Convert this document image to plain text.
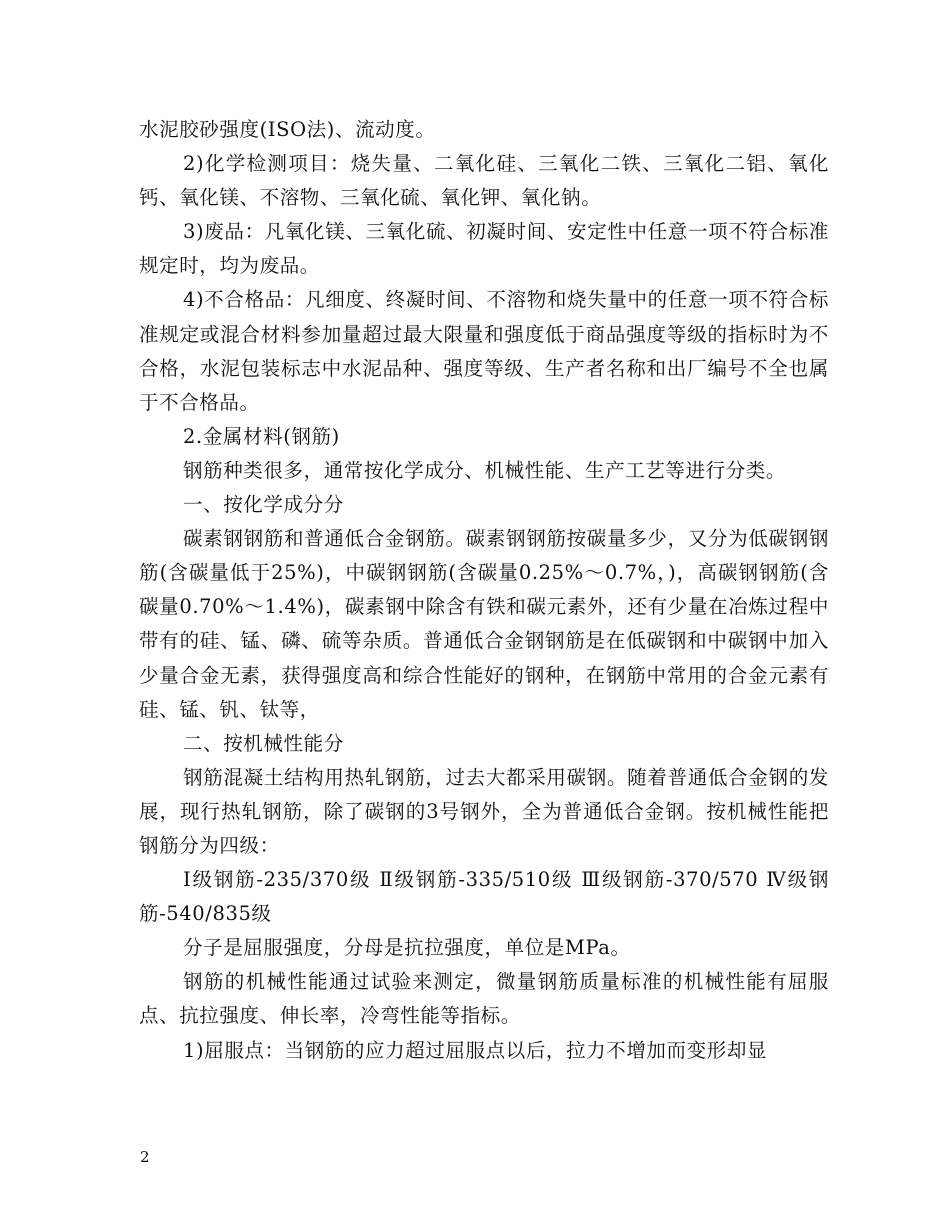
水泥胶砂强度(ISO法)、流动度。

2)化学检测项目：烧失量、二氧化硅、三氧化二铁、三氧化二铝、氧化钙、氧化镁、不溶物、三氧化硫、氧化钾、氧化钠。

3)废品：凡氧化镁、三氧化硫、初凝时间、安定性中任意一项不符合标准规定时，均为废品。

4)不合格品：凡细度、终凝时间、不溶物和烧失量中的任意一项不符合标准规定或混合材料参加量超过最大限量和强度低于商品强度等级的指标时为不合格，水泥包装标志中水泥品种、强度等级、生产者名称和出厂编号不全也属于不合格品。

2.金属材料(钢筋)

钢筋种类很多，通常按化学成分、机械性能、生产工艺等进行分类。

一、按化学成分分

碳素钢钢筋和普通低合金钢筋。碳素钢钢筋按碳量多少，又分为低碳钢钢筋(含碳量低于25%)，中碳钢钢筋(含碳量0.25%～0.7%，)，高碳钢钢筋(含碳量0.70%～1.4%)，碳素钢中除含有铁和碳元素外，还有少量在冶炼过程中带有的硅、锰、磷、硫等杂质。普通低合金钢钢筋是在低碳钢和中碳钢中加入少量合金无素，获得强度高和综合性能好的钢种，在钢筋中常用的合金元素有硅、锰、钒、钛等，

二、按机械性能分

钢筋混凝土结构用热轧钢筋，过去大都采用碳钢。随着普通低合金钢的发展，现行热轧钢筋，除了碳钢的3号钢外，全为普通低合金钢。按机械性能把钢筋分为四级：

Ⅰ级钢筋-235/370级 Ⅱ级钢筋-335/510级 Ⅲ级钢筋-370/570 Ⅳ级钢筋-540/835级

分子是屈服强度，分母是抗拉强度，单位是MPa。

钢筋的机械性能通过试验来测定，微量钢筋质量标准的机械性能有屈服点、抗拉强度、伸长率，冷弯性能等指标。

1)屈服点：当钢筋的应力超过屈服点以后，拉力不增加而变形却显

2
